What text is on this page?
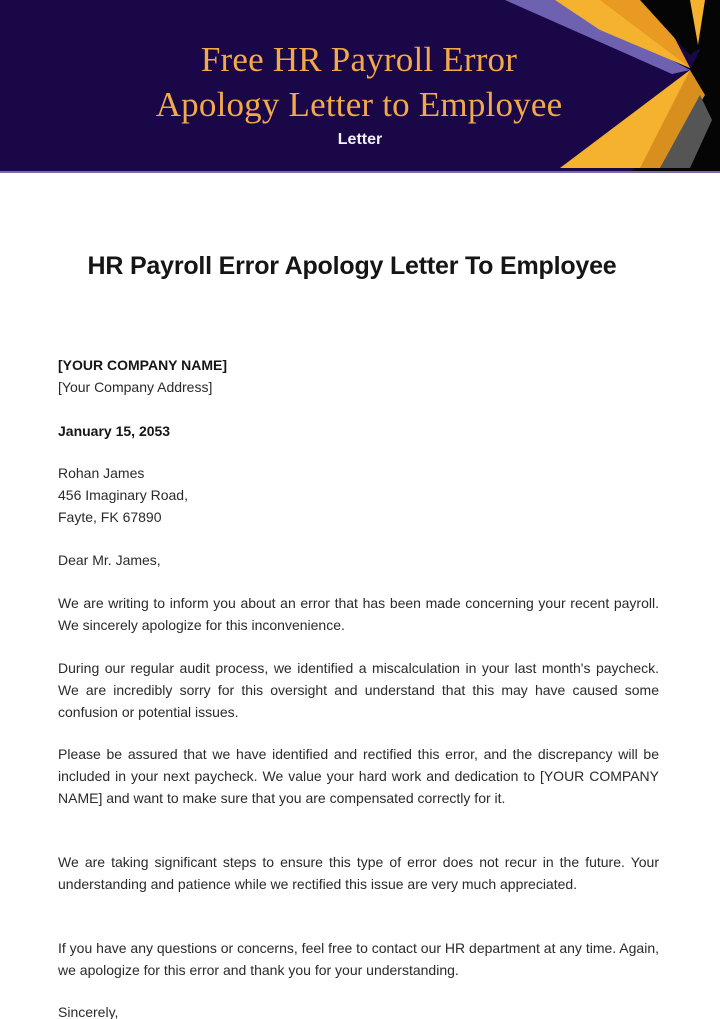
Free HR Payroll Error
Apology Letter to Employee
Letter
HR Payroll Error Apology Letter To Employee
[YOUR COMPANY NAME]
[Your Company Address]
January 15, 2053
Rohan James
456 Imaginary Road,
Fayte, FK 67890
Dear Mr. James,
We are writing to inform you about an error that has been made concerning your recent payroll. We sincerely apologize for this inconvenience.
During our regular audit process, we identified a miscalculation in your last month's paycheck. We are incredibly sorry for this oversight and understand that this may have caused some confusion or potential issues.
Please be assured that we have identified and rectified this error, and the discrepancy will be included in your next paycheck. We value your hard work and dedication to [YOUR COMPANY NAME] and want to make sure that you are compensated correctly for it.
We are taking significant steps to ensure this type of error does not recur in the future. Your understanding and patience while we rectified this issue are very much appreciated.
If you have any questions or concerns, feel free to contact our HR department at any time. Again, we apologize for this error and thank you for your understanding.
Sincerely,
